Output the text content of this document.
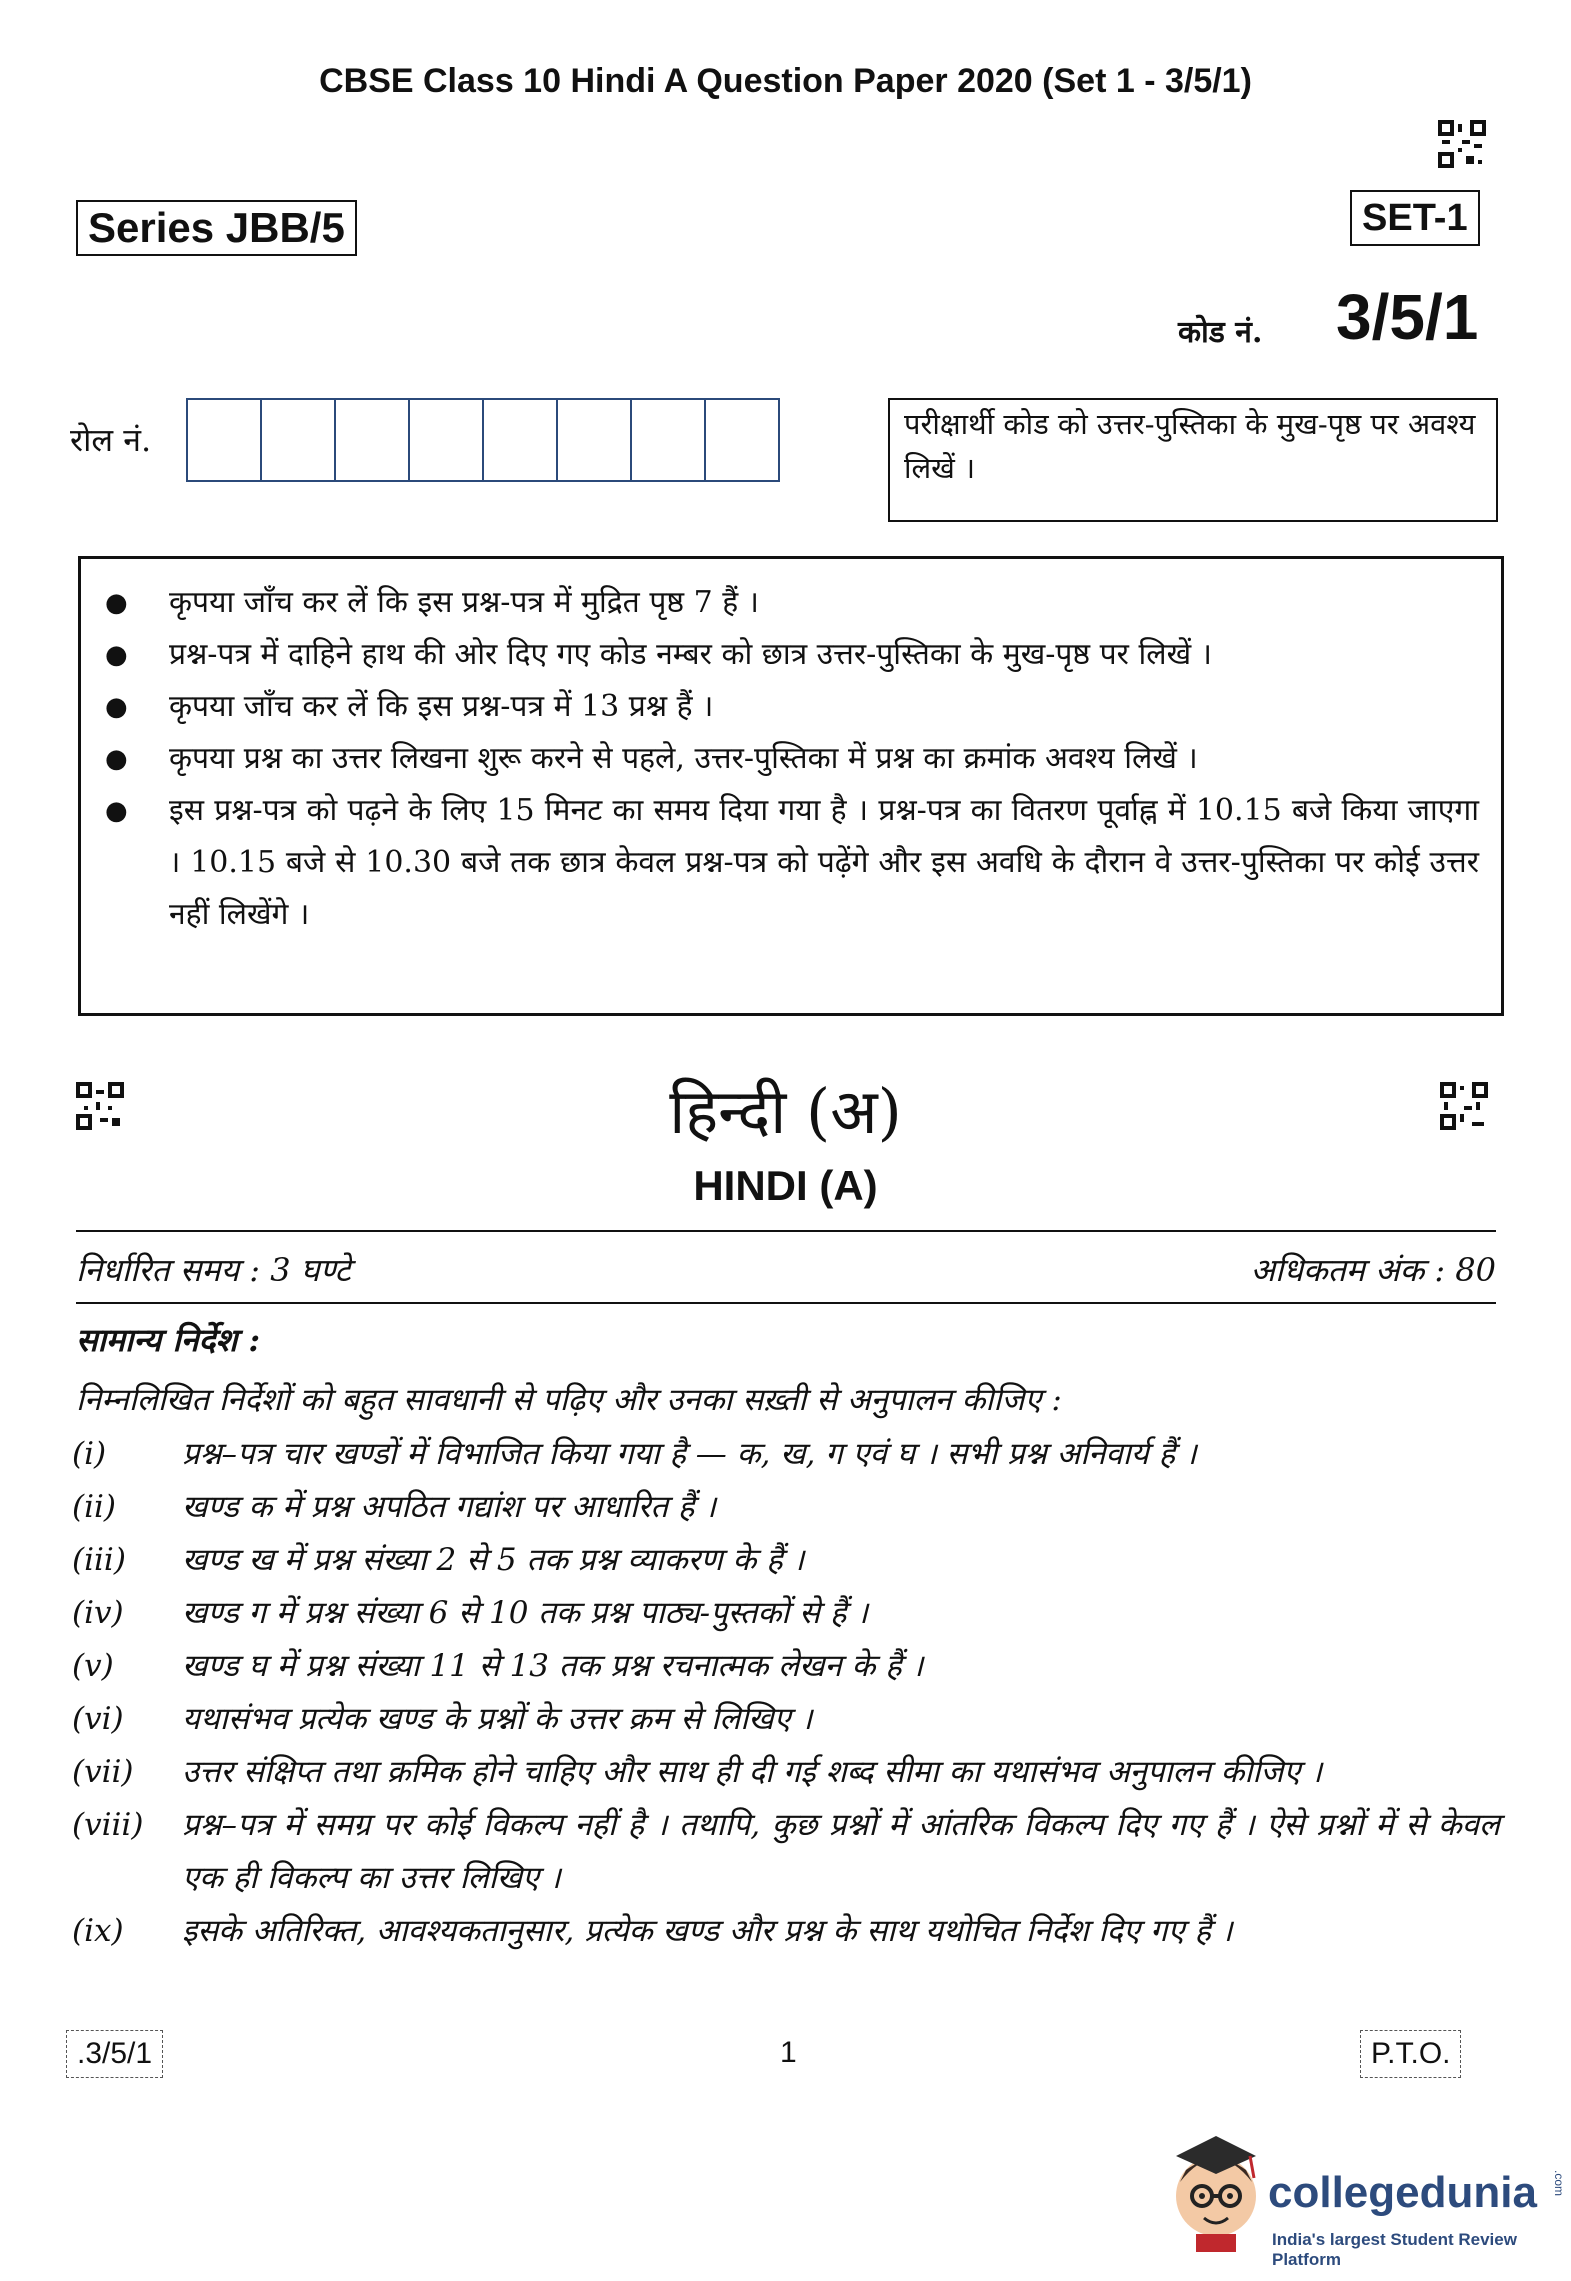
CBSE Class 10 Hindi A Question Paper 2020 (Set 1 - 3/5/1)
Series JBB/5	SET-1
कोड नं. 3/5/1
रोल नं.	परीक्षार्थी कोड को उत्तर-पुस्तिका के मुख-पृष्ठ पर अवश्य लिखें ।
●	कृपया जाँच कर लें कि इस प्रश्न-पत्र में मुद्रित पृष्ठ 7 हैं ।
●	प्रश्न-पत्र में दाहिने हाथ की ओर दिए गए कोड नम्बर को छात्र उत्तर-पुस्तिका के मुख-पृष्ठ पर लिखें ।
●	कृपया जाँच कर लें कि इस प्रश्न-पत्र में 13 प्रश्न हैं ।
●	कृपया प्रश्न का उत्तर लिखना शुरू करने से पहले, उत्तर-पुस्तिका में प्रश्न का क्रमांक अवश्य लिखें ।
●	इस प्रश्न-पत्र को पढ़ने के लिए 15 मिनट का समय दिया गया है । प्रश्न-पत्र का वितरण पूर्वाह्न में 10.15 बजे किया जाएगा । 10.15 बजे से 10.30 बजे तक छात्र केवल प्रश्न-पत्र को पढ़ेंगे और इस अवधि के दौरान वे उत्तर-पुस्तिका पर कोई उत्तर नहीं लिखेंगे ।
हिन्दी (अ)
HINDI (A)
निर्धारित समय : 3 घण्टे	अधिकतम अंक : 80
सामान्य निर्देश :
निम्नलिखित निर्देशों को बहुत सावधानी से पढ़िए और उनका सख़्ती से अनुपालन कीजिए :
(i)	प्रश्न–पत्र चार खण्डों में विभाजित किया गया है — क, ख, ग एवं घ । सभी प्रश्न अनिवार्य हैं ।
(ii)	खण्ड क में प्रश्न अपठित गद्यांश पर आधारित हैं ।
(iii)	खण्ड ख में प्रश्न संख्या 2 से 5 तक प्रश्न व्याकरण के हैं ।
(iv)	खण्ड ग में प्रश्न संख्या 6 से 10 तक प्रश्न पाठ्य-पुस्तकों से हैं ।
(v)	खण्ड घ में प्रश्न संख्या 11 से 13 तक प्रश्न रचनात्मक लेखन के हैं ।
(vi)	यथासंभव प्रत्येक खण्ड के प्रश्नों के उत्तर क्रम से लिखिए ।
(vii)	उत्तर संक्षिप्त तथा क्रमिक होने चाहिए और साथ ही दी गई शब्द सीमा का यथासंभव अनुपालन कीजिए ।
(viii)	प्रश्न–पत्र में समग्र पर कोई विकल्प नहीं है । तथापि, कुछ प्रश्नों में आंतरिक विकल्प दिए गए हैं । ऐसे प्रश्नों में से केवल एक ही विकल्प का उत्तर लिखिए ।
(ix)	इसके अतिरिक्त, आवश्यकतानुसार, प्रत्येक खण्ड और प्रश्न के साथ यथोचित निर्देश दिए गए हैं ।
.3/5/1	1	P.T.O.
collegedunia .com
India's largest Student Review Platform
